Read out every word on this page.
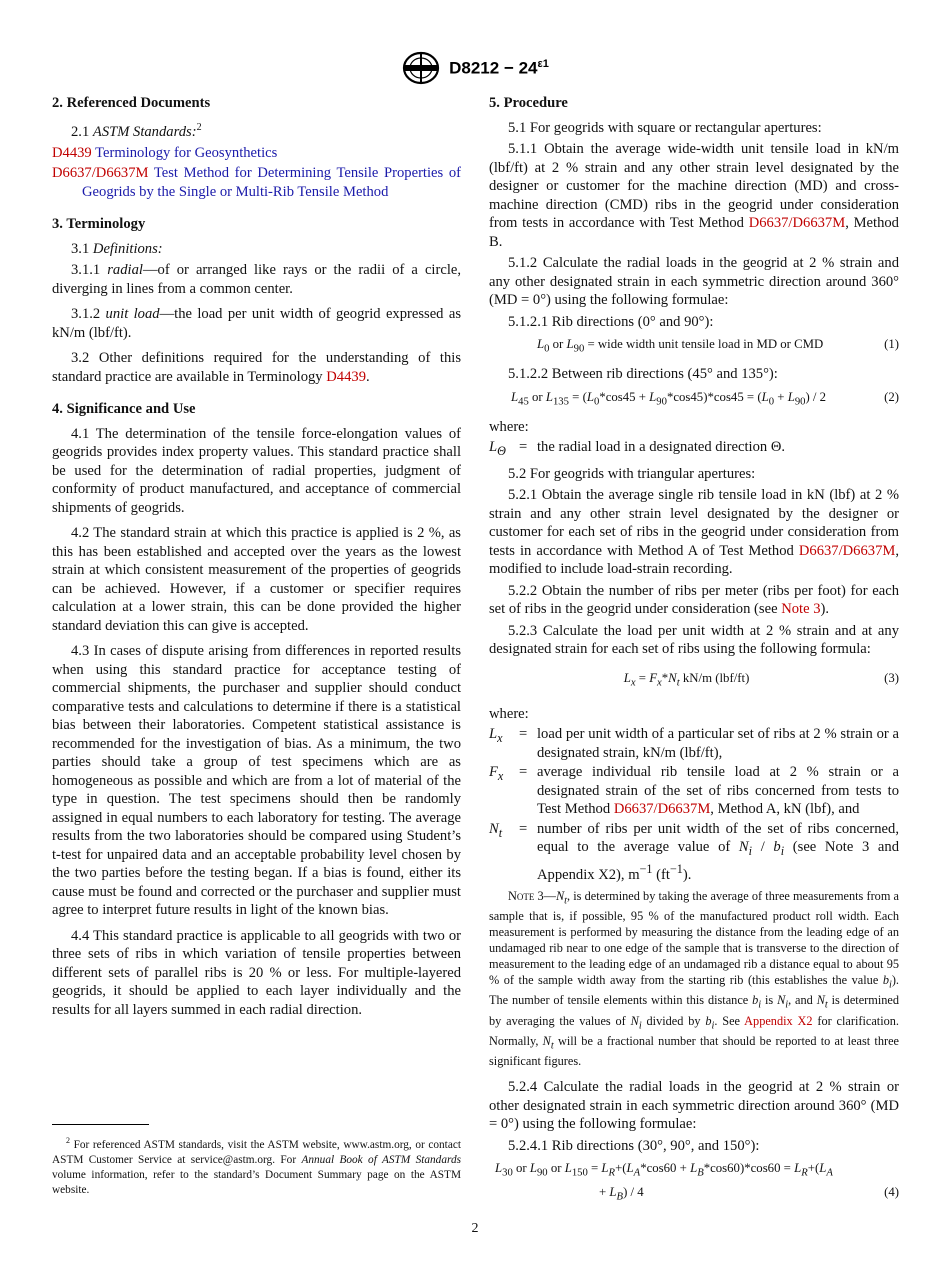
$D8212 - 24^{\varepsilon 1}$
2. Referenced Documents

2.1 ASTM Standards:$^2$

D4439 Terminology for Geosynthetics
D6637/D6637M Test Method for Determining Tensile Properties of Geogrids by the Single or Multi-Rib Tensile Method
3. Terminology

3.1 Definitions:

3.1.1 radial—of or arranged like rays or the radii of a circle, diverging in lines from a common center.

3.1.2 unit load—the load per unit width of geogrid expressed as kN/m (lbf/ft).

3.2 Other definitions required for the understanding of this standard practice are available in Terminology D4439.

4. Significance and Use

4.1 The determination of the tensile force-elongation values of geogrids provides index property values. This standard practice shall be used for the determination of radial properties, judgment of conformity of product manufactured, and acceptance of commercial shipments of geogrids.

4.2 The standard strain at which this practice is applied is 2 %, as this has been established and accepted over the years as the lowest strain at which consistent measurement of the properties of geogrids can be achieved. However, if a customer or specifier requires calculation at a lower strain, this can be done provided the higher standard deviation this can give is accepted.

4.3 In cases of dispute arising from differences in reported results when using this standard practice for acceptance testing of commercial shipments, the purchaser and supplier should conduct comparative tests and calculations to determine if there is a statistical bias between their laboratories. Competent statistical assistance is recommended for the investigation of bias. As a minimum, the two parties should take a group of test specimens which are as homogeneous as possible and which are from a lot of material of the type in question. The test specimens should then be randomly assigned in equal numbers to each laboratory for testing. The average results from the two laboratories should be compared using Student’s t-test for unpaired data and an acceptable probability level chosen by the two parties before the testing began. If a bias is found, either its cause must be found and corrected or the purchaser and supplier must agree to interpret future results in light of the known bias.

4.4 This standard practice is applicable to all geogrids with two or three sets of ribs in which variation of tensile properties between different sets of parallel ribs is 20 % or less. For multiple-layered geogrids, it should be applied to each layer individually and the results for all layers summed in each radial direction.

$^2$ For referenced ASTM standards, visit the ASTM website, www.astm.org, or contact ASTM Customer Service at service@astm.org. For Annual Book of ASTM Standards volume information, refer to the standard’s Document Summary page on the ASTM website.
5. Procedure

5.1 For geogrids with square or rectangular apertures:

5.1.1 Obtain the average wide-width unit tensile load in kN/m (lbf/ft) at 2 % strain and any other strain level designated by the designer or customer for the machine direction (MD) and cross-machine direction (CMD) ribs in the geogrid under consideration from tests in accordance with Test Method D6637/D6637M, Method B.

5.1.2 Calculate the radial loads in the geogrid at 2 % strain and any other designated strain in each symmetric direction around 360° (MD = 0°) using the following formulae:

5.1.2.1 Rib directions (0° and 90°):

$L_0$ or $L_{90}$ = wide width unit tensile load in MD or CMD	(1)

5.1.2.2 Between rib directions (45° and 135°):

$L_{45}$ or $L_{135} = (L_0*\cos 45 + L_{90}*\cos 45)*\cos 45 = (L_0 + L_{90}) / 2$	(2)
where:
$L_\Theta$ = the radial load in a designated direction Θ.

5.2 For geogrids with triangular apertures:

5.2.1 Obtain the average single rib tensile load in kN (lbf) at 2 % strain and any other strain level designated by the designer or customer for each set of ribs in the geogrid under consideration from tests in accordance with Method A of Test Method D6637/D6637M, modified to include load-strain recording.

5.2.2 Obtain the number of ribs per meter (ribs per foot) for each set of ribs in the geogrid under consideration (see Note 3).

5.2.3 Calculate the load per unit width at 2 % strain and at any designated strain for each set of ribs using the following formula:

$L_x = F_x*N_t$ kN/m (lbf/ft)	(3)
where:
$L_x$	= load per unit width of a particular set of ribs at 2 % strain or a designated strain, kN/m (lbf/ft),
$F_x$	= average individual rib tensile load at 2 % strain or a designated strain of the set of ribs concerned from tests to Test Method D6637/D6637M, Method A, kN (lbf), and
$N_t$	= number of ribs per unit width of the set of ribs concerned, equal to the average value of $N_i / b_i$ (see Note 3 and Appendix X2), $m^{-1}$ $(ft^{-1})$.
Note $3—N_t$, is determined by taking the average of three measurements from a sample that is, if possible, 95 % of the manufactured product roll width. Each measurement is performed by measuring the distance from the leading edge of an undamaged rib near to one edge of the sample that is transverse to the direction of measurement to the leading edge of an undamaged rib a distance equal to about 95 % of the sample width away from the starting rib (this establishes the value $b_i$). The number of tensile elements within this distance $b_i$ is $N_i$, and $N_t$ is determined by averaging the values of $N_i$ divided by $b_i$. See Appendix X2 for clarification. Normally, $N_t$ will be a fractional number that should be reported to at least three significant figures.

5.2.4 Calculate the radial loads in the geogrid at 2 % strain or other designated strain in each symmetric direction around 360° (MD = 0°) using the following formulae:

5.2.4.1 Rib directions (30°, 90°, and 150°):

$L_{30}$ or $L_{90}$ or $L_{150} = L_R+(L_A*\cos 60 + L_B*\cos 60)*\cos 60 = L_R+(L_A$
+ $L_B) / 4$	(4)
2
